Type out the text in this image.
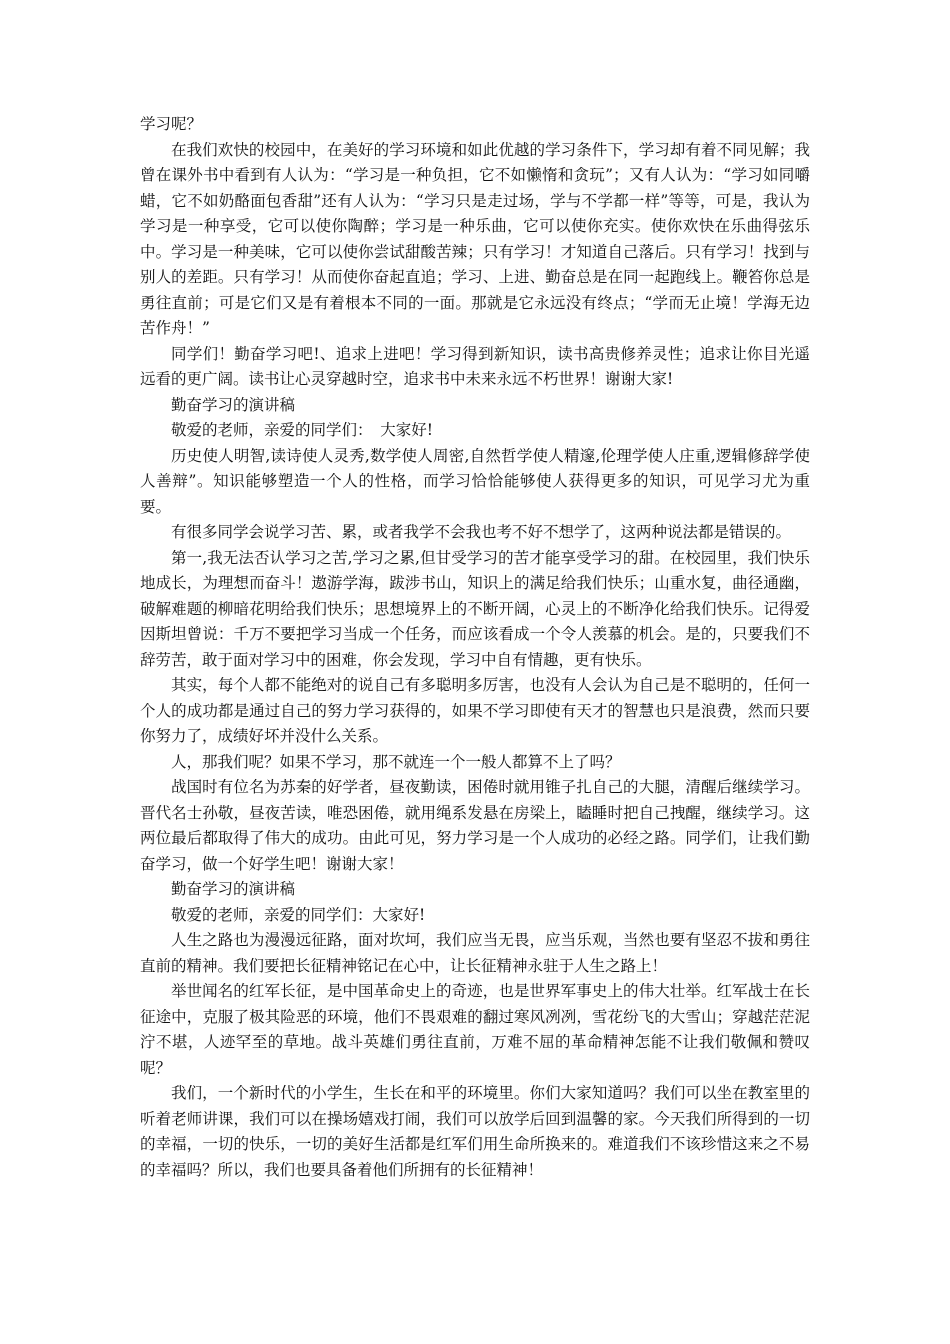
学习呢？

在我们欢快的校园中，在美好的学习环境和如此优越的学习条件下，学习却有着不同见解；我曾在课外书中看到有人认为：“学习是一种负担，它不如懒惰和贪玩”；又有人认为：“学习如同嚼蜡，它不如奶酪面包香甜”还有人认为：“学习只是走过场，学与不学都一样”等等，可是，我认为学习是一种享受，它可以使你陶醉；学习是一种乐曲，它可以使你充实。使你欢快在乐曲得弦乐中。学习是一种美味，它可以使你尝试甜酸苦辣；只有学习！才知道自己落后。只有学习！找到与别人的差距。只有学习！从而使你奋起直追；学习、上进、勤奋总是在同一起跑线上。鞭笞你总是勇往直前；可是它们又是有着根本不同的一面。那就是它永远没有终点；“学而无止境！学海无边苦作舟！”

同学们！勤奋学习吧!、追求上进吧！学习得到新知识，读书高贵修养灵性；追求让你目光遥远看的更广阔。读书让心灵穿越时空，追求书中未来永远不朽世界！谢谢大家!

勤奋学习的演讲稿

敬爱的老师，亲爱的同学们：　大家好!

历史使人明智,读诗使人灵秀,数学使人周密,自然哲学使人精邃,伦理学使人庄重,逻辑修辞学使人善辩”。知识能够塑造一个人的性格，而学习恰恰能够使人获得更多的知识，可见学习尤为重要。

有很多同学会说学习苦、累，或者我学不会我也考不好不想学了，这两种说法都是错误的。

第一,我无法否认学习之苦,学习之累,但甘受学习的苦才能享受学习的甜。在校园里，我们快乐地成长，为理想而奋斗！遨游学海，跋涉书山，知识上的满足给我们快乐；山重水复，曲径通幽，破解难题的柳暗花明给我们快乐；思想境界上的不断开阔，心灵上的不断净化给我们快乐。记得爱因斯坦曾说：千万不要把学习当成一个任务，而应该看成一个令人羡慕的机会。是的，只要我们不辞劳苦，敢于面对学习中的困难，你会发现，学习中自有情趣，更有快乐。

其实，每个人都不能绝对的说自己有多聪明多厉害，也没有人会认为自己是不聪明的，任何一个人的成功都是通过自己的努力学习获得的，如果不学习即使有天才的智慧也只是浪费，然而只要你努力了，成绩好坏并没什么关系。

人，那我们呢？如果不学习，那不就连一个一般人都算不上了吗？

战国时有位名为苏秦的好学者，昼夜勤读，困倦时就用锥子扎自己的大腿，清醒后继续学习。晋代名士孙敬，昼夜苦读，唯恐困倦，就用绳系发悬在房梁上，瞌睡时把自己拽醒，继续学习。这两位最后都取得了伟大的成功。由此可见，努力学习是一个人成功的必经之路。同学们，让我们勤奋学习，做一个好学生吧！谢谢大家！

勤奋学习的演讲稿

敬爱的老师，亲爱的同学们：大家好!

人生之路也为漫漫远征路，面对坎坷，我们应当无畏，应当乐观，当然也要有坚忍不拔和勇往直前的精神。我们要把长征精神铭记在心中，让长征精神永驻于人生之路上！

举世闻名的红军长征，是中国革命史上的奇迹，也是世界军事史上的伟大壮举。红军战士在长征途中，克服了极其险恶的环境，他们不畏艰难的翻过寒风冽冽，雪花纷飞的大雪山；穿越茫茫泥泞不堪，人迹罕至的草地。战斗英雄们勇往直前，万难不屈的革命精神怎能不让我们敬佩和赞叹呢？

我们，一个新时代的小学生，生长在和平的环境里。你们大家知道吗？我们可以坐在教室里的听着老师讲课，我们可以在操场嬉戏打闹，我们可以放学后回到温馨的家。今天我们所得到的一切的幸福，一切的快乐，一切的美好生活都是红军们用生命所换来的。难道我们不该珍惜这来之不易的幸福吗？所以，我们也要具备着他们所拥有的长征精神！
